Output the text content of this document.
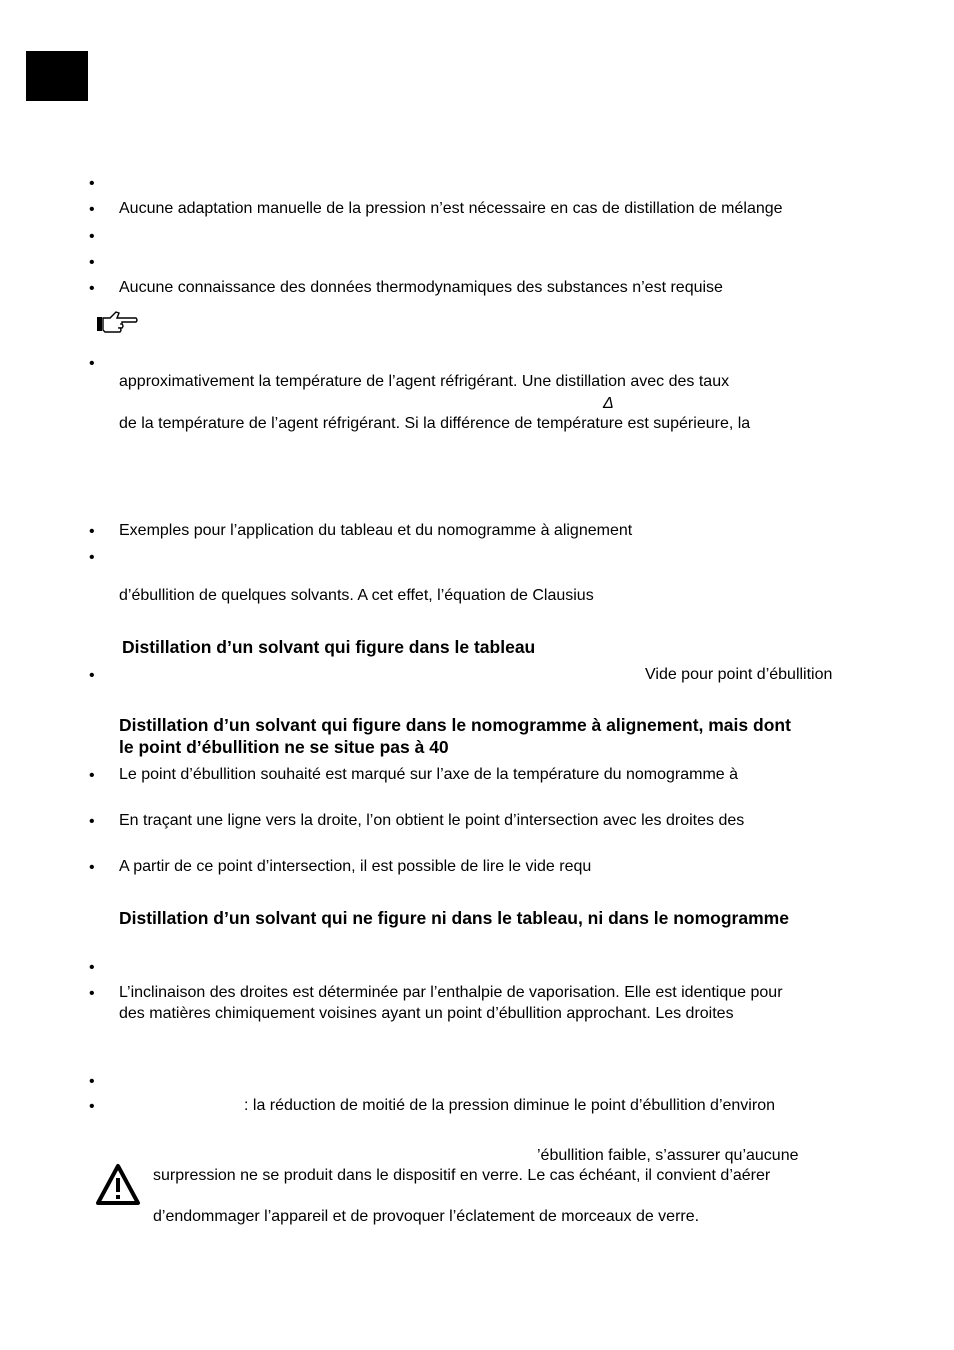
•
•	Aucune adaptation manuelle de la pression n’est nécessaire en cas de distillation de mélange
•
•
•	Aucune connaissance des données thermodynamiques des substances n’est requise
•
approximativement la température de l’agent réfrigérant. Une distillation avec des taux
Δ
de la température de l’agent réfrigérant. Si la différence de température est supérieure, la
•	Exemples pour l’application du tableau et du nomogramme à alignement
•
d’ébullition de quelques solvants. A cet effet, l’équation de Clausius
Distillation d’un solvant qui figure dans le tableau
•	Vide pour point d’ébullition
Distillation d’un solvant qui figure dans le nomogramme à alignement, mais dont
le point d’ébullition ne se situe pas à 40
•	Le point d’ébullition souhaité est marqué sur l’axe de la température du nomogramme à
•	En traçant une ligne vers la droite, l’on obtient le point d’intersection avec les droites des
•	A partir de ce point d’intersection, il est possible de lire le vide requ
Distillation d’un solvant qui ne figure ni dans le tableau, ni dans le nomogramme
•
•	L’inclinaison des droites est déterminée par l’enthalpie de vaporisation. Elle est identique pour
des matières chimiquement voisines ayant un point d’ébullition approchant. Les droites
•
•	: la réduction de moitié de la pression diminue le point d’ébullition d’environ
’ébullition faible, s’assurer qu’aucune
surpression ne se produit dans le dispositif en verre. Le cas échéant, il convient d’aérer
d’endommager l’appareil et de provoquer l’éclatement de morceaux de verre.
